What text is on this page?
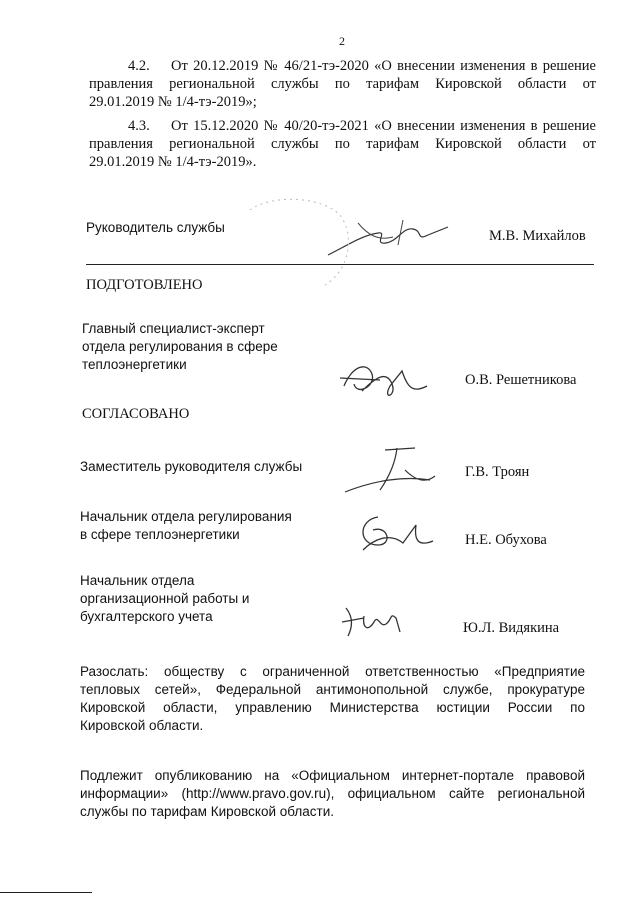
2
4.2. От 20.12.2019 № 46/21-тэ-2020 «О внесении изменения в решение
правления региональной службы по тарифам Кировской области от
29.01.2019 № 1/4-тэ-2019»;
4.3. От 15.12.2020 № 40/20-тэ-2021 «О внесении изменения в решение
правления региональной службы по тарифам Кировской области от
29.01.2019 № 1/4-тэ-2019».
Руководитель службы
М.В. Михайлов
ПОДГОТОВЛЕНО
Главный специалист-эксперт
отдела регулирования в сфере
теплоэнергетики
О.В. Решетникова
СОГЛАСОВАНО
Заместитель руководителя службы	Г.В. Троян
Начальник отдела регулирования
в сфере теплоэнергетики	Н.Е. Обухова
Начальник отдела
организационной работы и
бухгалтерского учета
Ю.Л. Видякина
Разослать: обществу с ограниченной ответственностью «Предприятие
тепловых сетей», Федеральной антимонопольной службе, прокуратуре
Кировской области, управлению Министерства юстиции России по
Кировской области.
Подлежит опубликованию на «Официальном интернет-портале правовой
информации» (http://www.pravo.gov.ru), официальном сайте региональной
службы по тарифам Кировской области.
